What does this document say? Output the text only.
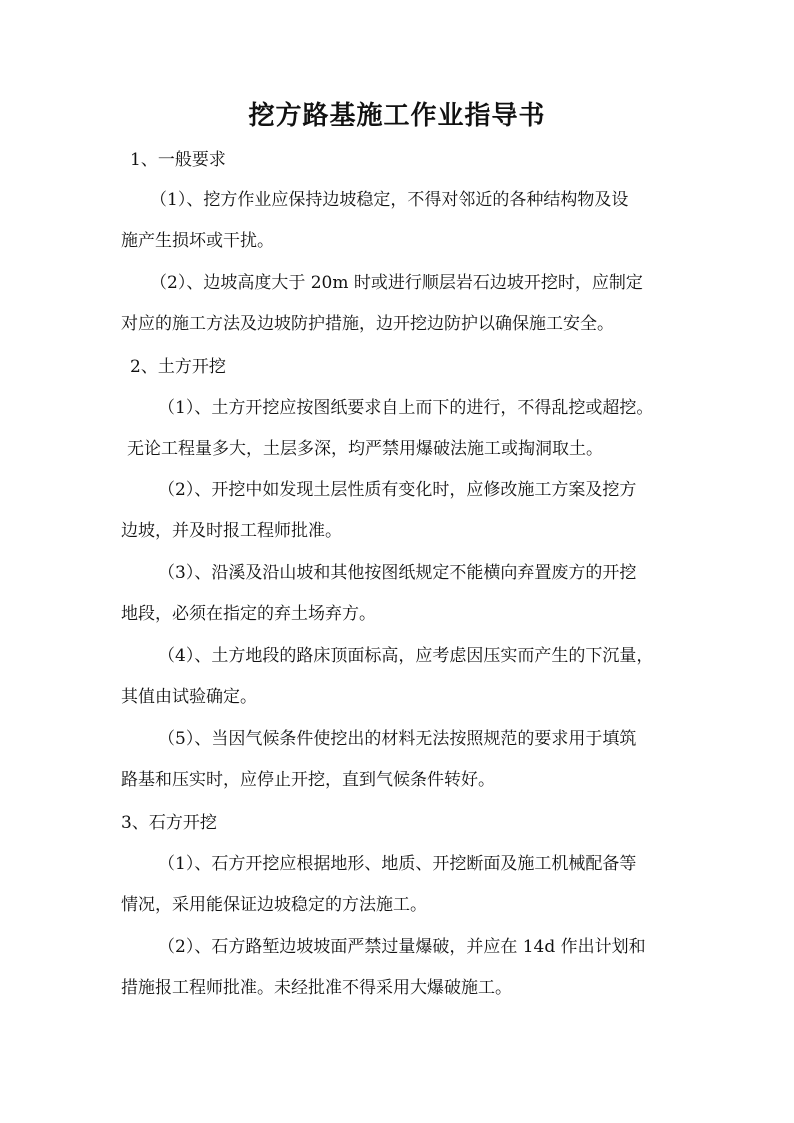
挖方路基施工作业指导书

1、一般要求

（1）、挖方作业应保持边坡稳定，不得对邻近的各种结构物及设

施产生损坏或干扰。

（2）、边坡高度大于 20m 时或进行顺层岩石边坡开挖时，应制定

对应的施工方法及边坡防护措施，边开挖边防护以确保施工安全。

2、土方开挖

（1）、土方开挖应按图纸要求自上而下的进行，不得乱挖或超挖。

无论工程量多大，土层多深，均严禁用爆破法施工或掏洞取土。

（2）、开挖中如发现土层性质有变化时，应修改施工方案及挖方

边坡，并及时报工程师批准。

（3）、沿溪及沿山坡和其他按图纸规定不能横向弃置废方的开挖

地段，必须在指定的弃土场弃方。

（4）、土方地段的路床顶面标高，应考虑因压实而产生的下沉量，

其值由试验确定。

（5）、当因气候条件使挖出的材料无法按照规范的要求用于填筑

路基和压实时，应停止开挖，直到气候条件转好。

3、石方开挖

（1）、石方开挖应根据地形、地质、开挖断面及施工机械配备等

情况，采用能保证边坡稳定的方法施工。

（2）、石方路堑边坡坡面严禁过量爆破，并应在 14d 作出计划和

措施报工程师批准。未经批准不得采用大爆破施工。
